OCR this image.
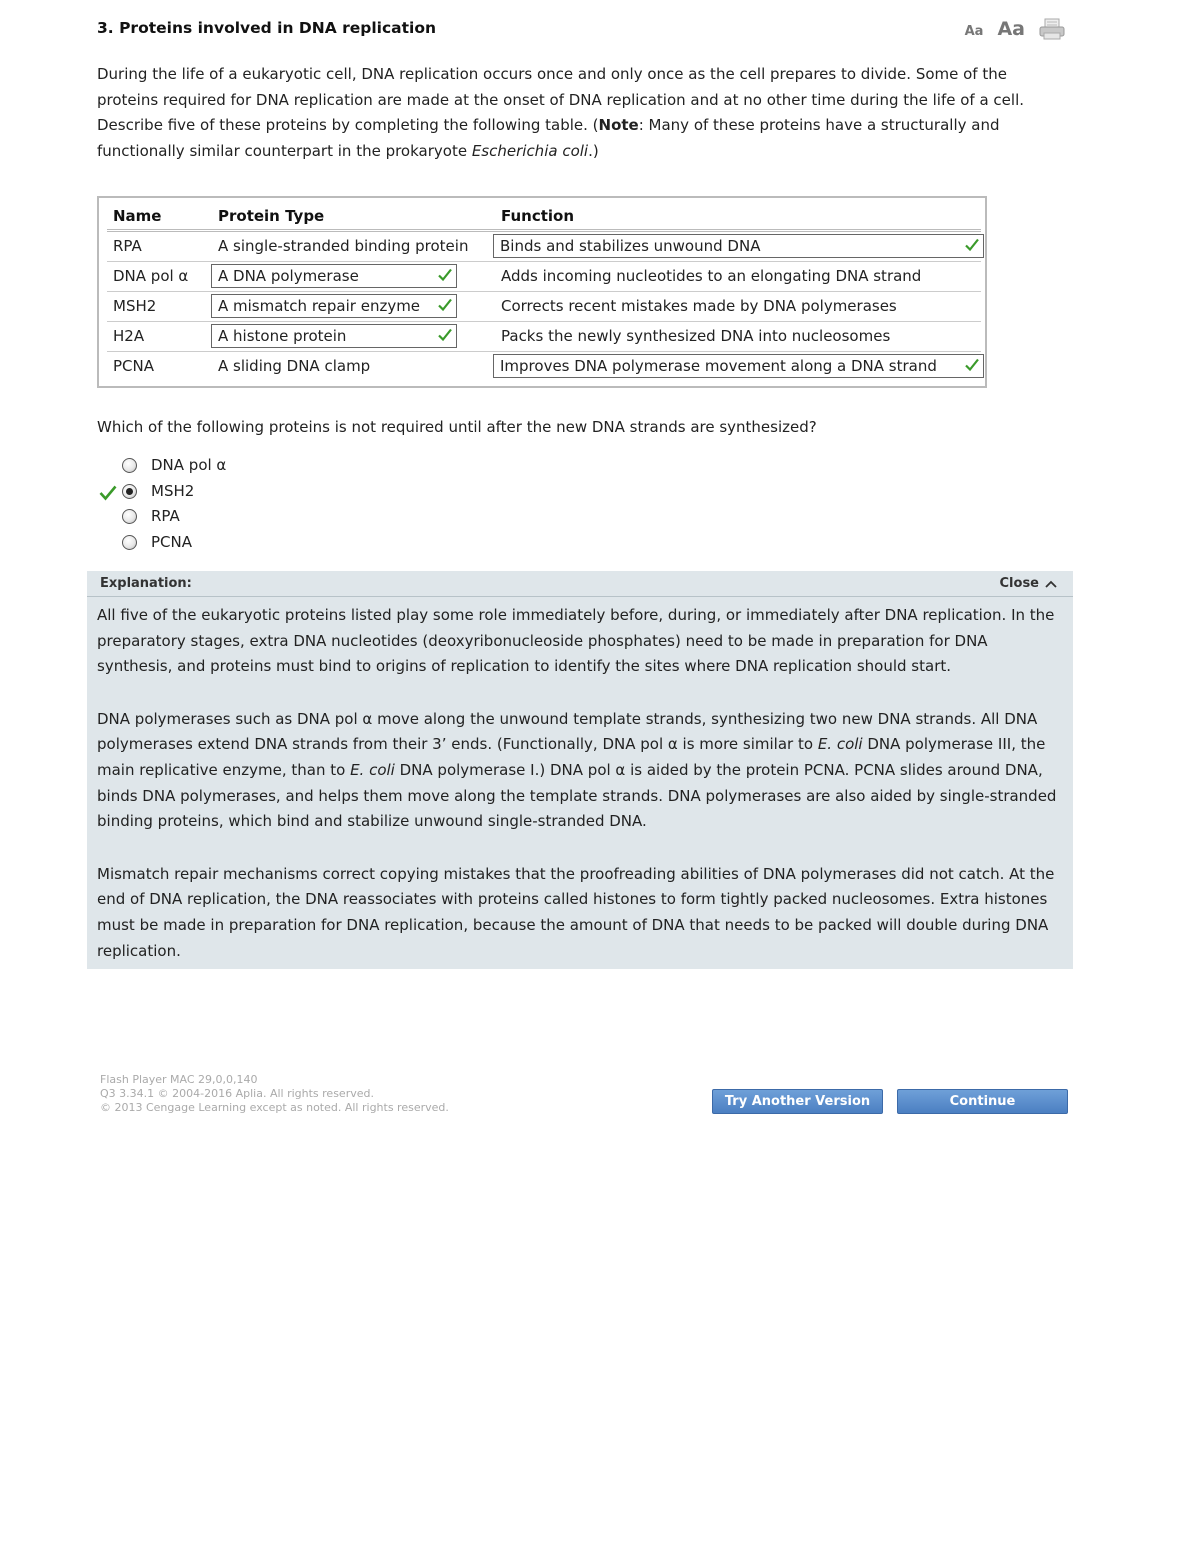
3. Proteins involved in DNA replication	Aa Aa
During the life of a eukaryotic cell, DNA replication occurs once and only once as the cell prepares to divide. Some of the proteins required for DNA replication are made at the onset of DNA replication and at no other time during the life of a cell. Describe five of these proteins by completing the following table. (Note: Many of these proteins have a structurally and functionally similar counterpart in the prokaryote Escherichia coli.)
Name	Protein Type	Function
RPA	A single-stranded binding protein	Binds and stabilizes unwound DNA
DNA pol α	A DNA polymerase	Adds incoming nucleotides to an elongating DNA strand
MSH2	A mismatch repair enzyme	Corrects recent mistakes made by DNA polymerases
H2A	A histone protein	Packs the newly synthesized DNA into nucleosomes
PCNA	A sliding DNA clamp	Improves DNA polymerase movement along a DNA strand
Which of the following proteins is not required until after the new DNA strands are synthesized?
DNA pol α
MSH2
RPA
PCNA
Explanation:	Close

All five of the eukaryotic proteins listed play some role immediately before, during, or immediately after DNA replication. In the preparatory stages, extra DNA nucleotides (deoxyribonucleoside phosphates) need to be made in preparation for DNA synthesis, and proteins must bind to origins of replication to identify the sites where DNA replication should start.

DNA polymerases such as DNA pol α move along the unwound template strands, synthesizing two new DNA strands. All DNA polymerases extend DNA strands from their 3’ ends. (Functionally, DNA pol α is more similar to E. coli DNA polymerase III, the main replicative enzyme, than to E. coli DNA polymerase I.) DNA pol α is aided by the protein PCNA. PCNA slides around DNA, binds DNA polymerases, and helps them move along the template strands. DNA polymerases are also aided by single-stranded binding proteins, which bind and stabilize unwound single-stranded DNA.

Mismatch repair mechanisms correct copying mistakes that the proofreading abilities of DNA polymerases did not catch. At the end of DNA replication, the DNA reassociates with proteins called histones to form tightly packed nucleosomes. Extra histones must be made in preparation for DNA replication, because the amount of DNA that needs to be packed will double during DNA replication.

Flash Player MAC 29,0,0,140
Q3 3.34.1 © 2004-2016 Aplia. All rights reserved.
© 2013 Cengage Learning except as noted. All rights reserved.	Try Another Version	Continue
